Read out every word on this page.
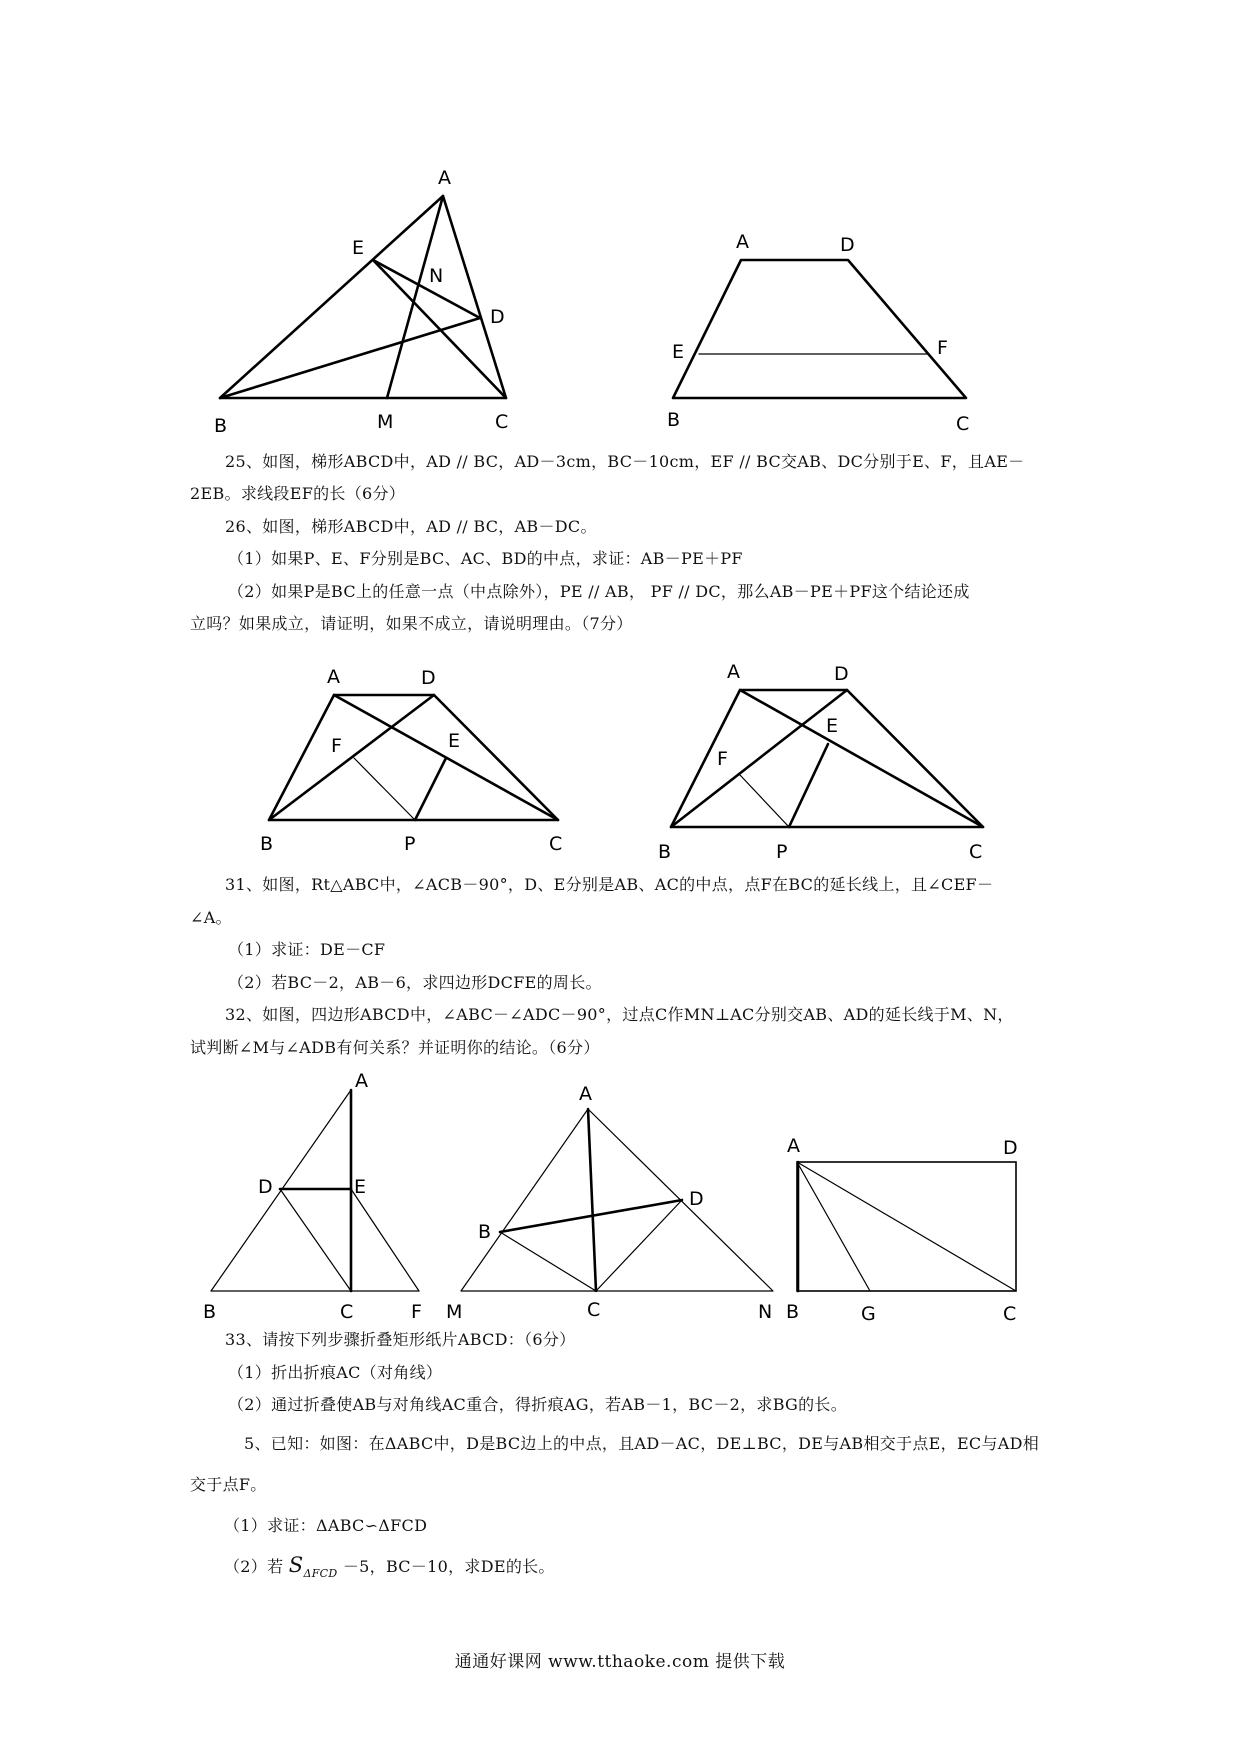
A
E
N
D
B	M	C
A	D
E	F
B	C
A	D
F	E
B	P	C
A	D
E
F
B	P	C
A
D	E
B	C	F
A
D
B
M	C	N
A	D
B	G	C
25、如图，梯形ABCD中，AD // BC，AD－3cm，BC－10cm，EF // BC交AB、DC分别于E、F，且AE－
2EB。求线段EF的长（6分）
26、如图，梯形ABCD中，AD // BC，AB－DC。
（1）如果P、E、F分别是BC、AC、BD的中点，求证：AB－PE＋PF
（2）如果P是BC上的任意一点（中点除外），PE // AB， PF // DC，那么AB－PE＋PF这个结论还成
立吗？如果成立，请证明，如果不成立，请说明理由。（7分）
31、如图，Rt△ABC中，∠ACB－90°，D、E分别是AB、AC的中点，点F在BC的延长线上，且∠CEF－
∠A。
（1）求证：DE－CF
（2）若BC－2，AB－6，求四边形DCFE的周长。
32、如图，四边形ABCD中，∠ABC－∠ADC－90°，过点C作MN⊥AC分别交AB、AD的延长线于M、N，
试判断∠M与∠ADB有何关系？并证明你的结论。（6分）
33、请按下列步骤折叠矩形纸片ABCD：（6分）
（1）折出折痕AC（对角线）
（2）通过折叠使AB与对角线AC重合，得折痕AG，若AB－1，BC－2，求BG的长。
5、已知：如图：在ΔABC中，D是BC边上的中点，且AD－AC，DE⊥BC，DE与AB相交于点E，EC与AD相
交于点F。
（1）求证：ΔABC∽ΔFCD
（2）若 $S_{\Delta FCD} -5$，BC－10，求DE的长。
通通好课网 www.tthaoke.com 提供下载
